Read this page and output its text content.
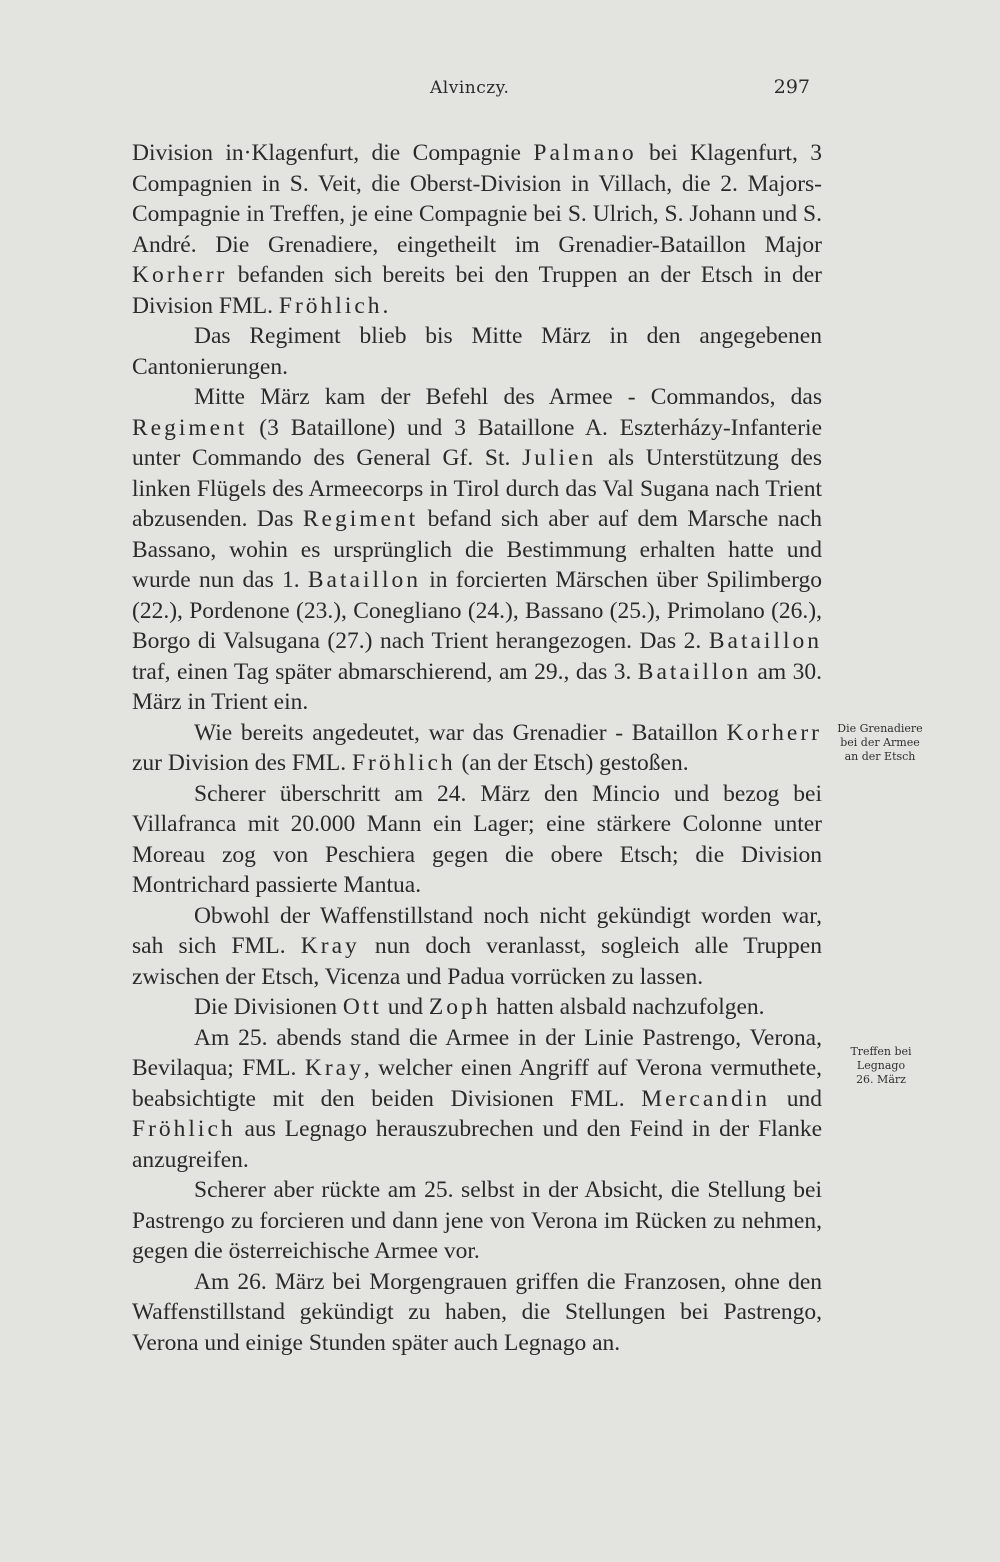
Alvinczy.	297

Division in·Klagenfurt, die Compagnie Palmano bei Klagenfurt, 3 Compagnien in S. Veit, die Oberst-Division in Villach, die 2. Majors-Compagnie in Treffen, je eine Compagnie bei S. Ulrich, S. Johann und S. André. Die Grenadiere, eingetheilt im Grenadier-Bataillon Major Korherr befanden sich bereits bei den Truppen an der Etsch in der Division FML. Fröhlich.

Das Regiment blieb bis Mitte März in den angegebenen Cantonierungen.

Mitte März kam der Befehl des Armee - Commandos, das Regiment (3 Bataillone) und 3 Bataillone A. Eszterházy-Infanterie unter Commando des General Gf. St. Julien als Unterstützung des linken Flügels des Armeecorps in Tirol durch das Val Sugana nach Trient abzusenden. Das Regiment befand sich aber auf dem Marsche nach Bassano, wohin es ursprünglich die Bestimmung erhalten hatte und wurde nun das 1. Bataillon in forcierten Märschen über Spilimbergo (22.), Pordenone (23.), Conegliano (24.), Bassano (25.), Primolano (26.), Borgo di Valsugana (27.) nach Trient herangezogen. Das 2. Bataillon traf, einen Tag später abmarschierend, am 29., das 3. Bataillon am 30. März in Trient ein.

Wie bereits angedeutet, war das Grenadier - Bataillon Korherr zur Division des FML. Fröhlich (an der Etsch) gestoßen.

Scherer überschritt am 24. März den Mincio und bezog bei Villafranca mit 20.000 Mann ein Lager; eine stärkere Colonne unter Moreau zog von Peschiera gegen die obere Etsch; die Division Montrichard passierte Mantua.

Obwohl der Waffenstillstand noch nicht gekündigt worden war, sah sich FML. Kray nun doch veranlasst, sogleich alle Truppen zwischen der Etsch, Vicenza und Padua vorrücken zu lassen.

Die Divisionen Ott und Zoph hatten alsbald nachzufolgen.

Am 25. abends stand die Armee in der Linie Pastrengo, Verona, Bevilaqua; FML. Kray, welcher einen Angriff auf Verona vermuthete, beabsichtigte mit den beiden Divisionen FML. Mercandin und Fröhlich aus Legnago herauszubrechen und den Feind in der Flanke anzugreifen.

Scherer aber rückte am 25. selbst in der Absicht, die Stellung bei Pastrengo zu forcieren und dann jene von Verona im Rücken zu nehmen, gegen die österreichische Armee vor.

Am 26. März bei Morgengrauen griffen die Franzosen, ohne den Waffenstillstand gekündigt zu haben, die Stellungen bei Pastrengo, Verona und einige Stunden später auch Legnago an.

Die Grenadiere
bei der Armee
an der Etsch
Treffen bei
Legnago
26. März
